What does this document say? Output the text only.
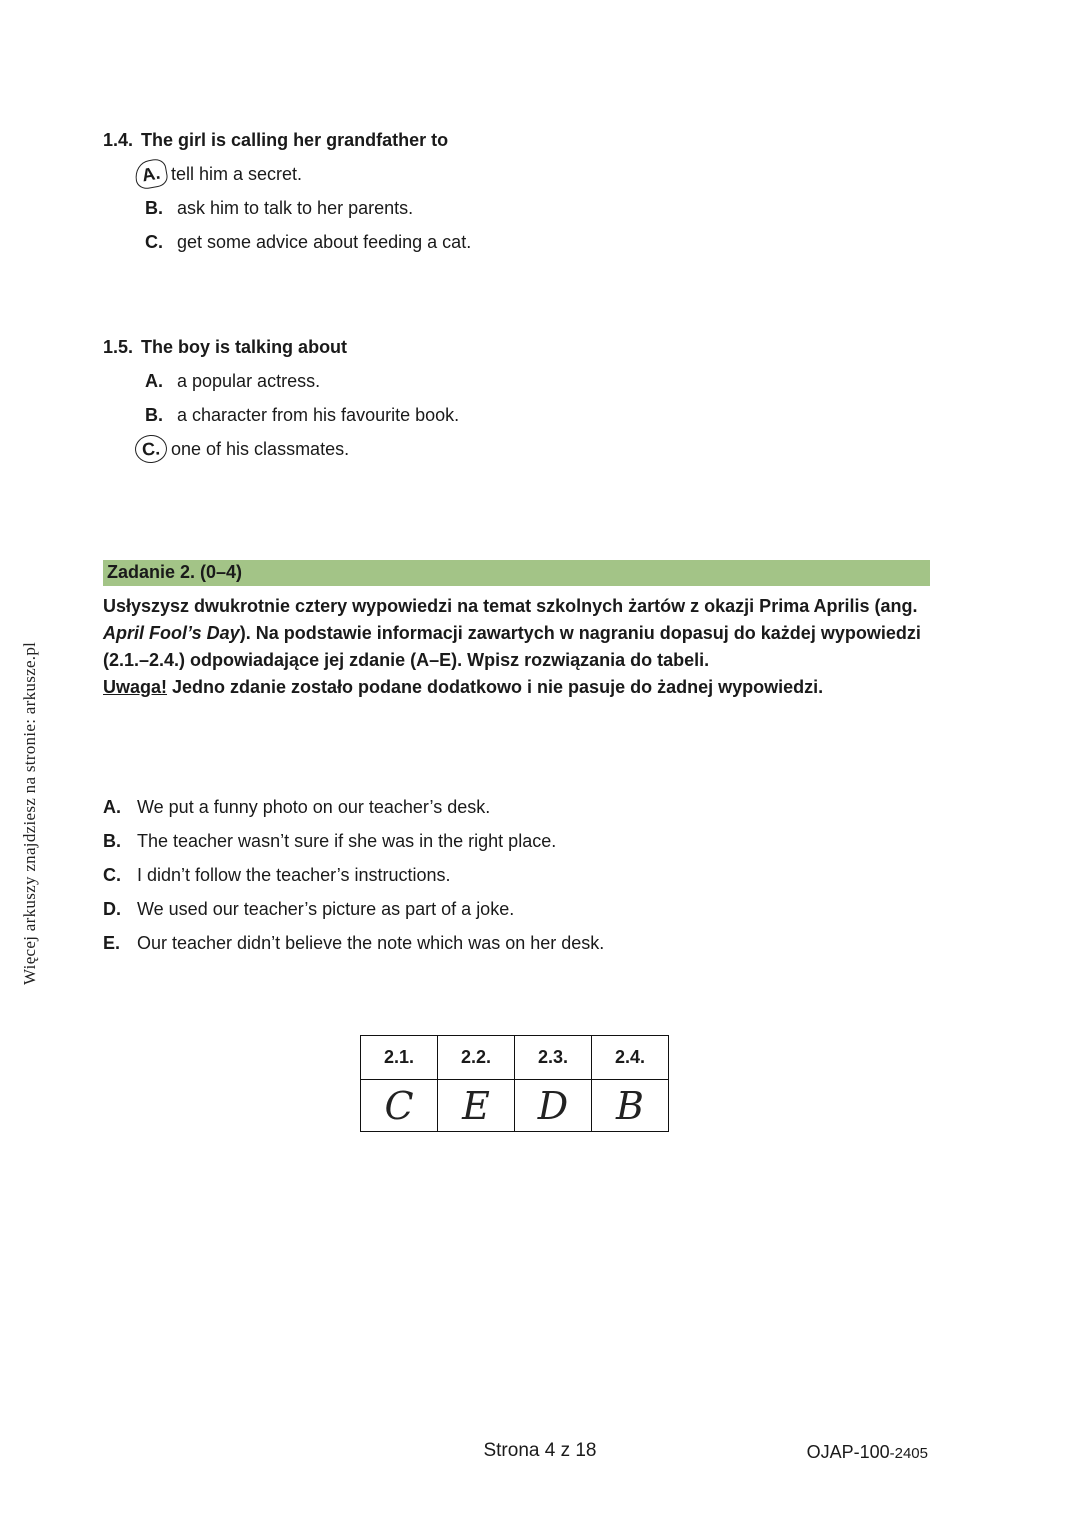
Więcej arkuszy znajdziesz na stronie: arkusze.pl
1.4. The girl is calling her grandfather to
A. tell him a secret.
B. ask him to talk to her parents.
C. get some advice about feeding a cat.
1.5. The boy is talking about
A. a popular actress.
B. a character from his favourite book.
C. one of his classmates.
Zadanie 2. (0–4)

Usłyszysz dwukrotnie cztery wypowiedzi na temat szkolnych żartów z okazji Prima Aprilis (ang. April Fool’s Day). Na podstawie informacji zawartych w nagraniu dopasuj do każdej wypowiedzi (2.1.–2.4.) odpowiadające jej zdanie (A–E). Wpisz rozwiązania do tabeli.

Uwaga! Jedno zdanie zostało podane dodatkowo i nie pasuje do żadnej wypowiedzi.

A. We put a funny photo on our teacher’s desk.
B. The teacher wasn’t sure if she was in the right place.
C. I didn’t follow the teacher’s instructions.
D. We used our teacher’s picture as part of a joke.
E. Our teacher didn’t believe the note which was on her desk.
2.1.	2.2.	2.3.	2.4.
C	E	D	B
Strona 4 z 18	OJAP-100-2405
